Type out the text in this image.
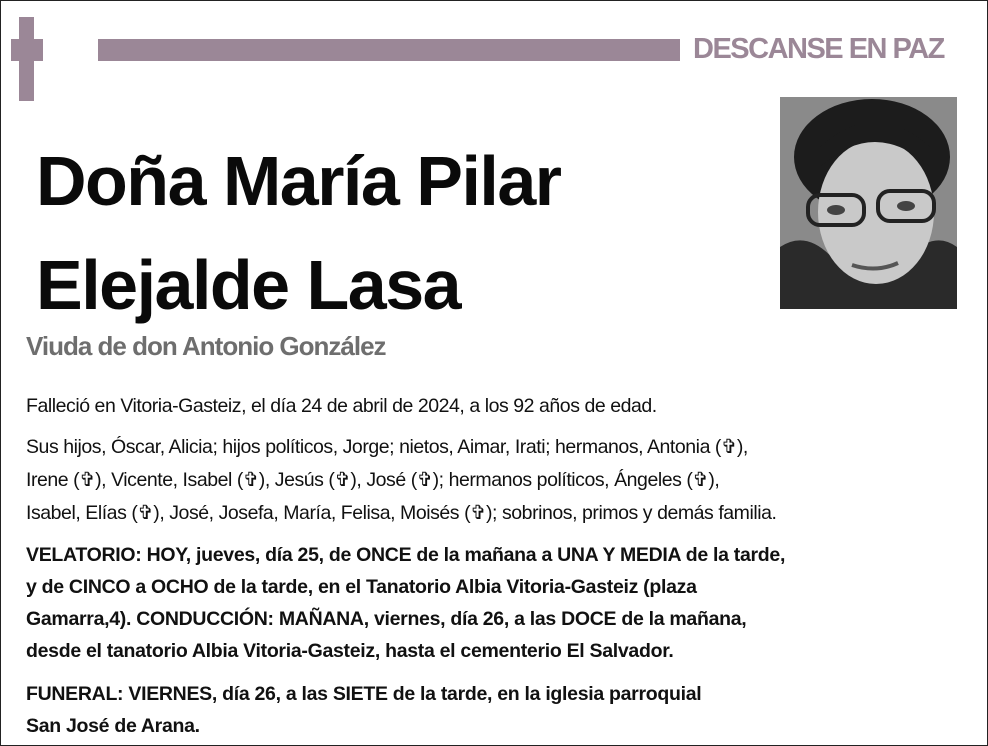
DESCANSE EN PAZ
Doña María Pilar
Elejalde Lasa
Viuda de don Antonio González
Falleció en Vitoria-Gasteiz, el día 24 de abril de 2024, a los 92 años de edad.
Sus hijos, Óscar, Alicia; hijos políticos, Jorge; nietos, Aimar, Irati; hermanos, Antonia (✞),
Irene (✞), Vicente, Isabel (✞), Jesús (✞), José (✞); hermanos políticos, Ángeles (✞),
Isabel, Elías (✞), José, Josefa, María, Felisa, Moisés (✞); sobrinos, primos y demás familia.
VELATORIO: HOY, jueves, día 25, de ONCE de la mañana a UNA Y MEDIA de la tarde,
y de CINCO a OCHO de la tarde, en el Tanatorio Albia Vitoria-Gasteiz (plaza
Gamarra,4). CONDUCCIÓN: MAÑANA, viernes, día 26, a las DOCE de la mañana,
desde el tanatorio Albia Vitoria-Gasteiz, hasta el cementerio El Salvador.
FUNERAL: VIERNES, día 26, a las SIETE de la tarde, en la iglesia parroquial
San José de Arana.
